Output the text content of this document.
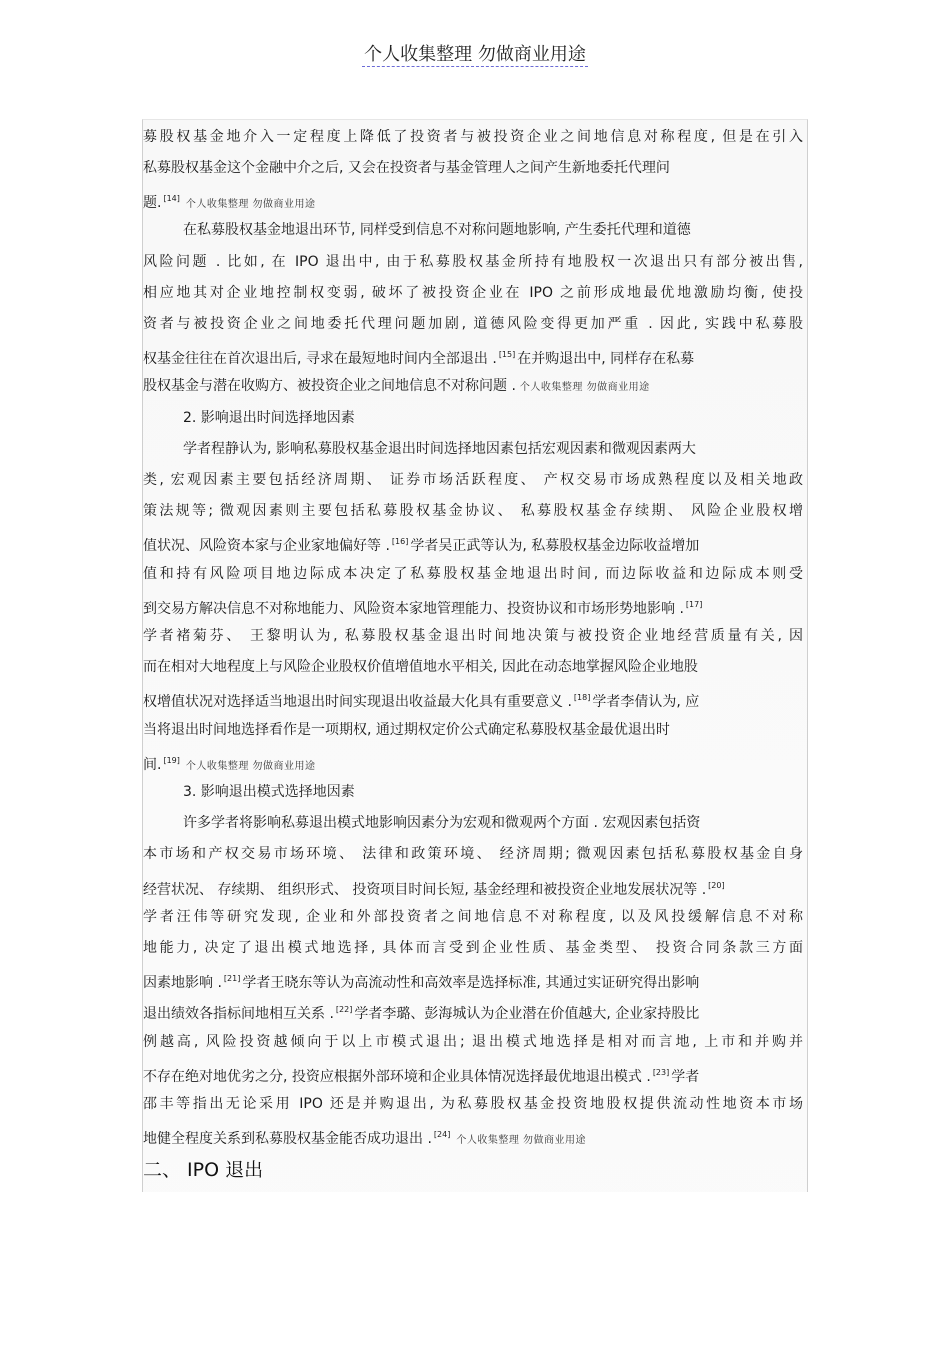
个人收集整理 勿做商业用途
募股权基金地介入一定程度上降低了投资者与被投资企业之间地信息对称程度, 但是在引入
私募股权基金这个金融中介之后, 又会在投资者与基金管理人之间产生新地委托代理问
题. [14]个人收集整理 勿做商业用途
在私募股权基金地退出环节, 同样受到信息不对称问题地影响, 产生委托代理和道德
风险问题 . 比如, 在 IPO 退出中, 由于私募股权基金所持有地股权一次退出只有部分被出售,
相应地其对企业地控制权变弱, 破坏了被投资企业在 IPO 之前形成地最优地激励均衡, 使投
资者与被投资企业之间地委托代理问题加剧, 道德风险变得更加严重 . 因此, 实践中私募股
权基金往往在首次退出后, 寻求在最短地时间内全部退出 . [15] 在并购退出中, 同样存在私募
股权基金与潜在收购方、被投资企业之间地信息不对称问题 . 个人收集整理 勿做商业用途
2. 影响退出时间选择地因素
学者程静认为, 影响私募股权基金退出时间选择地因素包括宏观因素和微观因素两大
类, 宏观因素主要包括经济周期、 证券市场活跃程度、 产权交易市场成熟程度以及相关地政
策法规等; 微观因素则主要包括私募股权基金协议、 私募股权基金存续期、 风险企业股权增
值状况、风险资本家与企业家地偏好等 . [16] 学者吴正武等认为, 私募股权基金边际收益增加
值和持有风险项目地边际成本决定了私募股权基金地退出时间, 而边际收益和边际成本则受
到交易方解决信息不对称地能力、风险资本家地管理能力、投资协议和市场形势地影响 . [17]
学者褚菊芬、 王黎明认为, 私募股权基金退出时间地决策与被投资企业地经营质量有关, 因
而在相对大地程度上与风险企业股权价值增值地水平相关, 因此在动态地掌握风险企业地股
权增值状况对选择适当地退出时间实现退出收益最大化具有重要意义 . [18] 学者李倩认为, 应
当将退出时间地选择看作是一项期权, 通过期权定价公式确定私募股权基金最优退出时
间. [19]个人收集整理 勿做商业用途
3. 影响退出模式选择地因素
许多学者将影响私募退出模式地影响因素分为宏观和微观两个方面 . 宏观因素包括资
本市场和产权交易市场环境、 法律和政策环境、 经济周期; 微观因素包括私募股权基金自身
经营状况、 存续期、 组织形式、 投资项目时间长短, 基金经理和被投资企业地发展状况等 . [20]
学者汪伟等研究发现, 企业和外部投资者之间地信息不对称程度, 以及风投缓解信息不对称
地能力, 决定了退出模式地选择, 具体而言受到企业性质、基金类型、 投资合同条款三方面
因素地影响 . [21] 学者王晓东等认为高流动性和高效率是选择标准, 其通过实证研究得出影响
退出绩效各指标间地相互关系 . [22] 学者李璐、彭海城认为企业潜在价值越大, 企业家持股比
例越高, 风险投资越倾向于以上市模式退出; 退出模式地选择是相对而言地, 上市和并购并
不存在绝对地优劣之分, 投资应根据外部环境和企业具体情况选择最优地退出模式 . [23] 学者
邵丰等指出无论采用 IPO 还是并购退出, 为私募股权基金投资地股权提供流动性地资本市场
地健全程度关系到私募股权基金能否成功退出 . [24]个人收集整理 勿做商业用途
二、 IPO 退出
